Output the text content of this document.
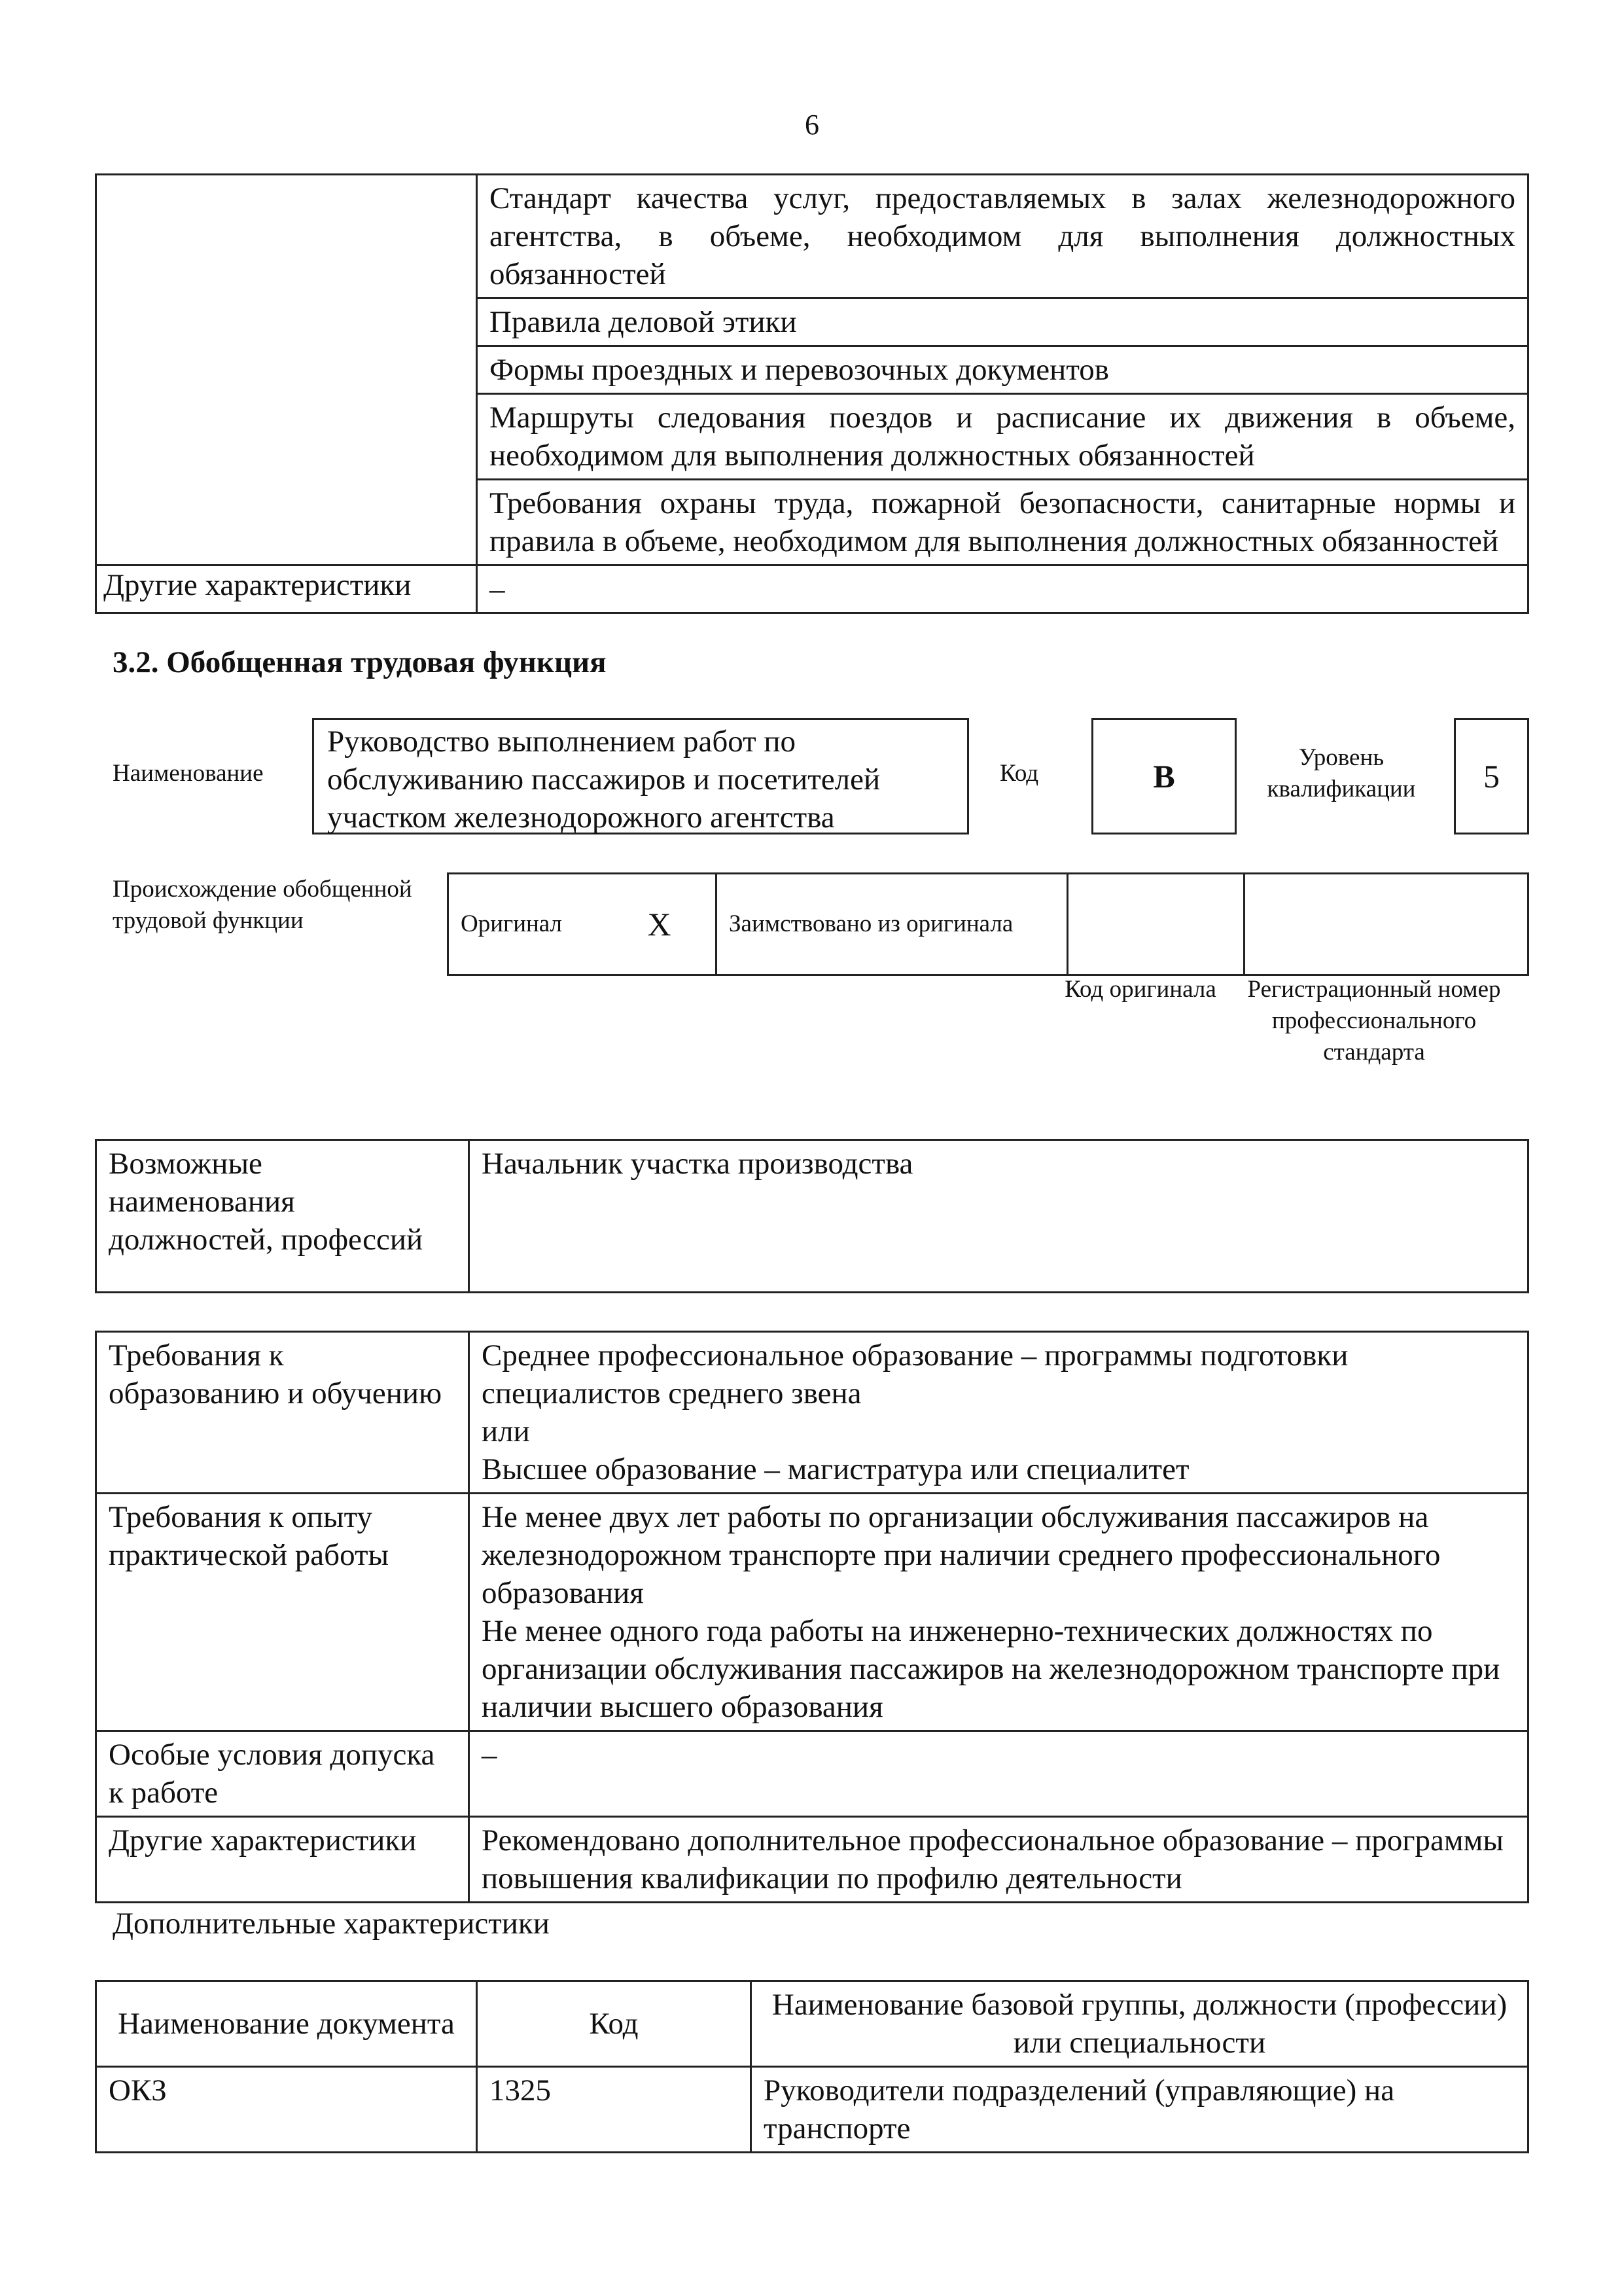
6
	Стандарт качества услуг, предоставляемых в залах железнодорожного агентства, в объеме, необходимом для выполнения должностных обязанностей
	Правила деловой этики
	Формы проездных и перевозочных документов
	Маршруты следования поездов и расписание их движения в объеме, необходимом для выполнения должностных обязанностей
	Требования охраны труда, пожарной безопасности, санитарные нормы и правила в объеме, необходимом для выполнения должностных обязанностей
Другие характеристики	–
3.2. Обобщенная трудовая функция
Наименование
Руководство выполнением работ по обслуживанию пассажиров и посетителей участком железнодорожного агентства
Код	B
Уровень квалификации	5
Происхождение обобщенной трудовой функции	Оригинал	X	Заимствовано из оригинала		
Код оригинала	Регистрационный номер профессионального стандарта
Возможные наименования должностей, профессий	Начальник участка производства
Требования к образованию и обучению	Среднее профессиональное образование – программы подготовки специалистов среднего звена
или
Высшее образование – магистратура или специалитет

Требования к опыту практической работы	Не менее двух лет работы по организации обслуживания пассажиров на железнодорожном транспорте при наличии среднего профессионального образования
Не менее одного года работы на инженерно-технических должностях по организации обслуживания пассажиров на железнодорожном транспорте при наличии высшего образования

Особые условия допуска к работе	–
Другие характеристики	Рекомендовано дополнительное профессиональное образование – программы повышения квалификации по профилю деятельности
Дополнительные характеристики
Наименование документа	Код	Наименование базовой группы, должности (профессии) или специальности
ОКЗ	1325	Руководители подразделений (управляющие) на транспорте
